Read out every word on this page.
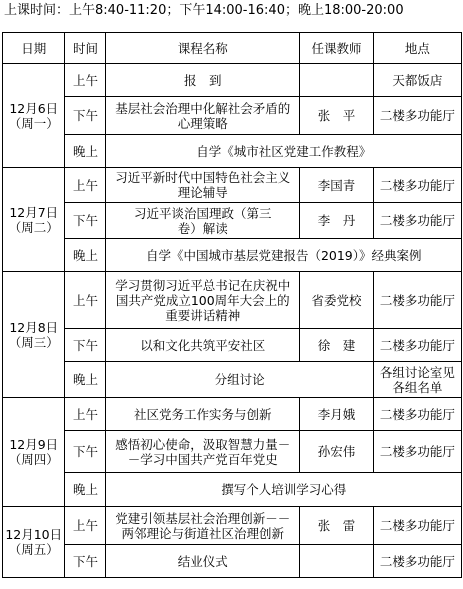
上课时间：上午8:40-11:20；下午14:00-16:40；晚上18:00-20:00
日期	时间	课程名称	任课教师	地点

12月6日
（周一）	上午	报　到		天都饭店
	下午	基层社会治理中化解社会矛盾的心理策略	张　平	二楼多功能厅
	晚上	自学《城市社区党建工作教程》		

12月7日
（周二）	上午	习近平新时代中国特色社会主义理论辅导	李国青	二楼多功能厅
	下午	习近平谈治国理政（第三卷）解读	李　丹	二楼多功能厅
	晚上	自学《中国城市基层党建报告（2019）》经典案例		

12月8日
（周三）	上午	学习贯彻习近平总书记在庆祝中国共产党成立100周年大会上的重要讲话精神	省委党校	二楼多功能厅
	下午	以和文化共筑平安社区	徐　建	二楼多功能厅
	晚上	分组讨论		各组讨论室见各组名单

12月9日
（周四）	上午	社区党务工作实务与创新	李月娥	二楼多功能厅
	下午	感悟初心使命，汲取智慧力量－－学习中国共产党百年党史	孙宏伟	二楼多功能厅
	晚上	撰写个人培训学习心得		

12月10日
（周五）	上午	党建引领基层社会治理创新－－两邻理论与街道社区治理创新	张　雷	二楼多功能厅
	下午	结业仪式		二楼多功能厅
